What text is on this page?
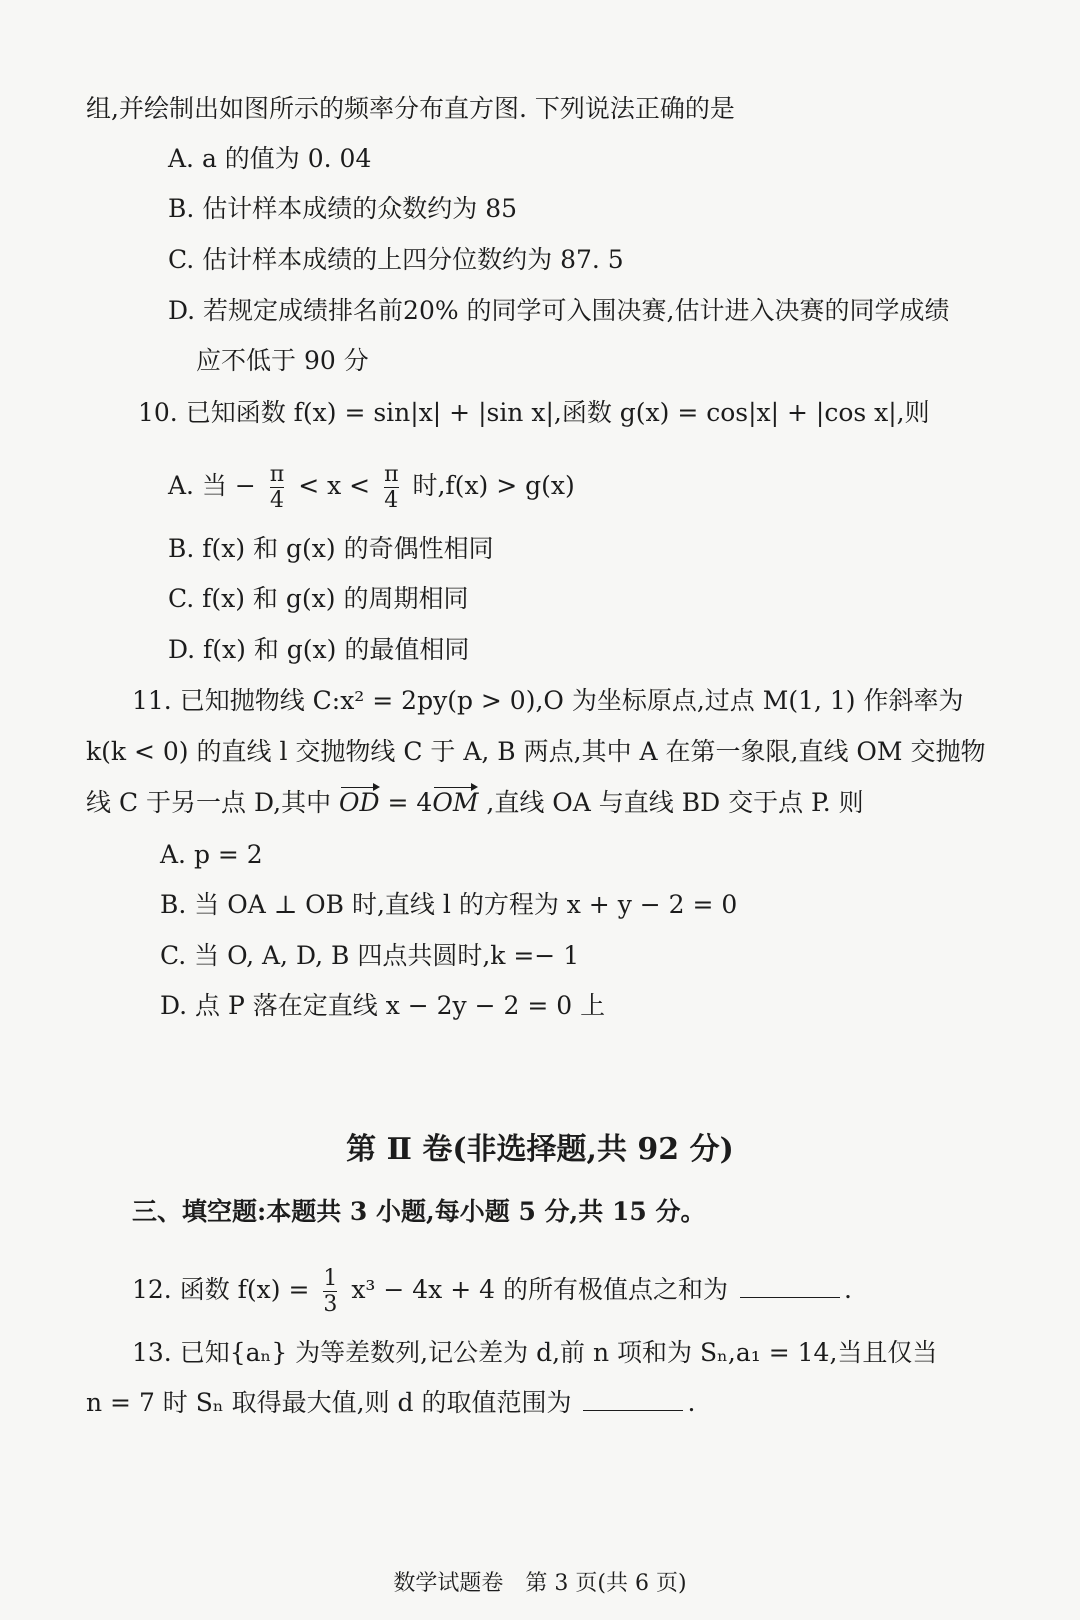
组,并绘制出如图所示的频率分布直方图. 下列说法正确的是
A. a 的值为 0. 04
B. 估计样本成绩的众数约为 85
C. 估计样本成绩的上四分位数约为 87. 5
D. 若规定成绩排名前20% 的同学可入围决赛,估计进入决赛的同学成绩
应不低于 90 分
10. 已知函数 f(x) = sin|x| + |sin x|,函数 g(x) = cos|x| + |cos x|,则
A. 当 − $\frac{\pi}{4} < x < \frac{\pi}{4}$ 时,f(x) > g(x)
B. f(x) 和 g(x) 的奇偶性相同
C. f(x) 和 g(x) 的周期相同
D. f(x) 和 g(x) 的最值相同
11. 已知抛物线 C:x² = 2py(p > 0),O 为坐标原点,过点 M(1, 1) 作斜率为
k(k < 0) 的直线 l 交抛物线 C 于 A, B 两点,其中 A 在第一象限,直线 OM 交抛物
线 C 于另一点 D,其中 OD = 4OM ,直线 OA 与直线 BD 交于点 P. 则
A. p = 2
B. 当 OA ⊥ OB 时,直线 l 的方程为 x + y − 2 = 0
C. 当 O, A, D, B 四点共圆时,k =− 1
D. 点 P 落在定直线 x − 2y − 2 = 0 上
第 Ⅱ 卷(非选择题,共 92 分)
三、填空题:本题共 3 小题,每小题 5 分,共 15 分。
12. 函数 $f(x) = \frac{1}{3} x^3 - 4x + 4$ 的所有极值点之和为	.
13. 已知{aₙ} 为等差数列,记公差为 d,前 n 项和为 Sₙ,a₁ = 14,当且仅当
n = 7 时 Sₙ 取得最大值,则 d 的取值范围为	.
数学试题卷　第 3 页(共 6 页)
